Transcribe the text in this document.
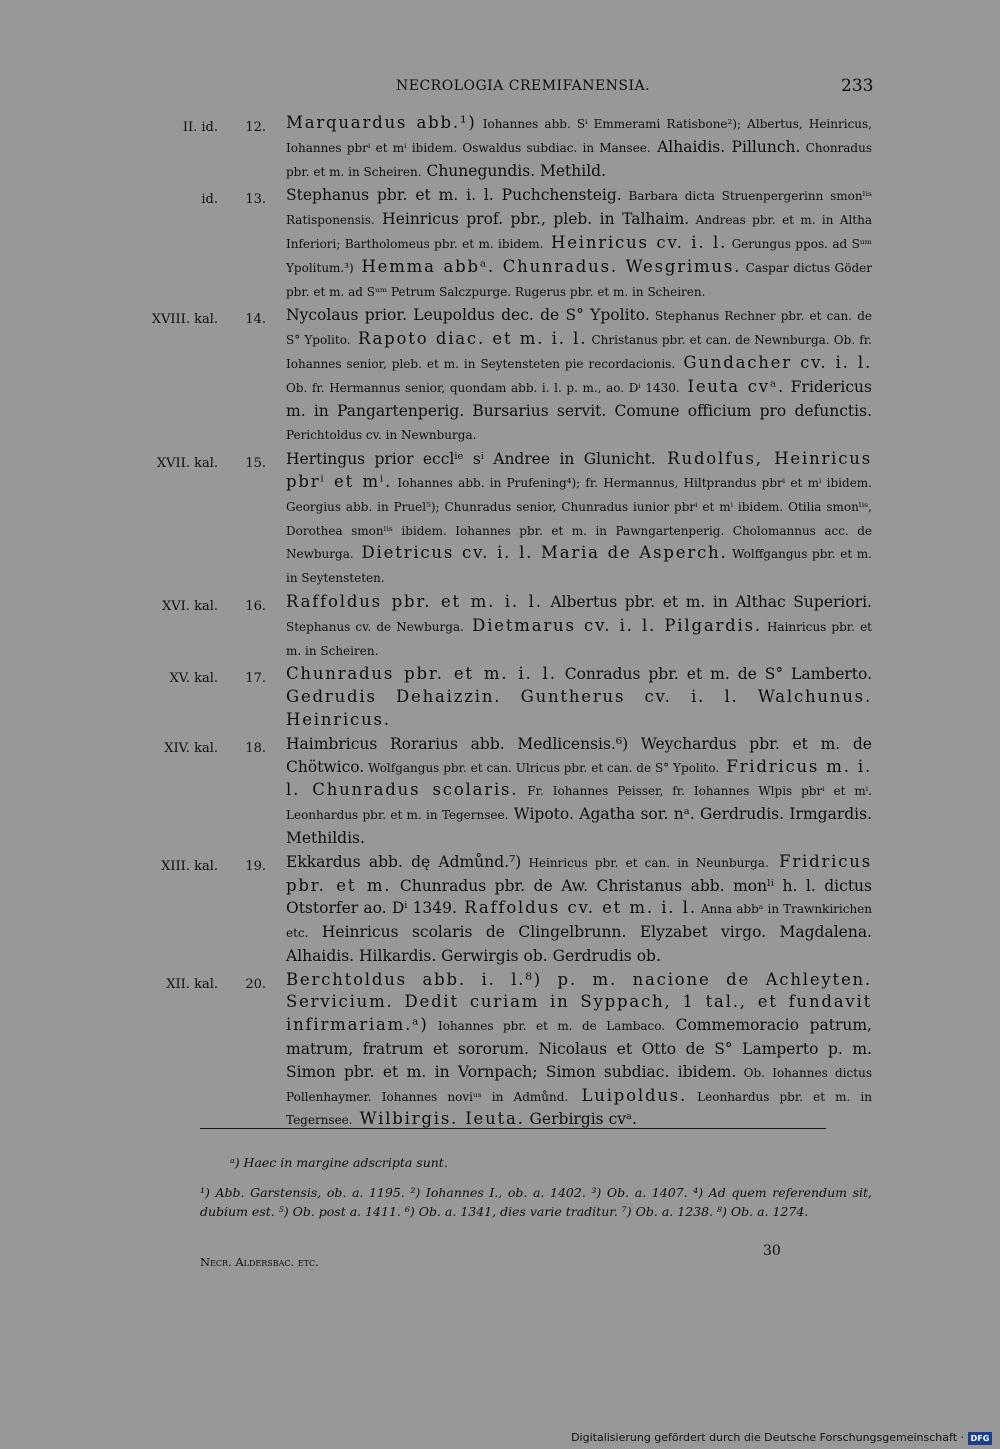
NECROLOGIA CREMIFANENSIA.	233
II. id.	12. Marquardus abb.¹) Iohannes abb. Sⁱ Emmerami Ratisbone²); Albertus, Heinricus, Iohannes pbrⁱ et mⁱ ibidem. Oswaldus subdiac. in Mansee. Alhaidis. Pillunch. Chonradus pbr. et m. in Scheiren. Chunegundis. Methild.
id.	13. Stephanus pbr. et m. i. l. Puchchensteig. Barbara dicta Struenpergerinn smonˡⁱˢ Ratisponensis. Heinricus prof. pbr., pleb. in Talhaim. Andreas pbr. et m. in Altha Inferiori; Bartholomeus pbr. et m. ibidem. Heinricus cv. i. l. Gerungus ppos. ad Sᵘᵐ Ypolitum.³) Hemma abbᵃ. Chunradus. Wesgrimus. Caspar dictus Göder pbr. et m. ad Sᵘᵐ Petrum Salczpurge. Rugerus pbr. et m. in Scheiren.
XVIII. kal.	14. Nycolaus prior. Leupoldus dec. de S° Ypolito. Stephanus Rechner pbr. et can. de S° Ypolito. Rapoto diac. et m. i. l. Christanus pbr. et can. de Newnburga. Ob. fr. Iohannes senior, pleb. et m. in Seytensteten pie recordacionis. Gundacher cv. i. l. Ob. fr. Hermannus senior, quondam abb. i. l. p. m., ao. Dⁱ 1430. Ieuta cvᵃ. Fridericus m. in Pangartenperig. Bursarius servit. Comune officium pro defunctis. Perichtoldus cv. in Newnburga.
XVII. kal.	15. Hertingus prior ecclⁱᵉ sⁱ Andree in Glunicht. Rudolfus, Heinricus pbrⁱ et mⁱ. Iohannes abb. in Prufening⁴); fr. Hermannus, Hiltprandus pbrⁱ et mⁱ ibidem. Georgius abb. in Pruel⁵); Chunradus senior, Chunradus iunior pbrⁱ et mⁱ ibidem. Otilia smonˡⁱˢ, Dorothea smonˡⁱˢ ibidem. Iohannes pbr. et m. in Pawngartenperig. Cholomannus acc. de Newburga. Dietricus cv. i. l. Maria de Asperch. Wolffgangus pbr. et m. in Seytensteten.
XVI. kal.	16. Raffoldus pbr. et m. i. l. Albertus pbr. et m. in Althac Superiori. Stephanus cv. de Newburga. Dietmarus cv. i. l. Pilgardis. Hainricus pbr. et m. in Scheiren.
XV. kal.	17. Chunradus pbr. et m. i. l. Conradus pbr. et m. de S° Lamberto. Gedrudis Dehaizzin. Guntherus cv. i. l. Walchunus. Heinricus.
XIV. kal.	18. Haimbricus Rorarius abb. Medlicensis.⁶) Weychardus pbr. et m. de Chötwico. Wolfgangus pbr. et can. Ulricus pbr. et can. de S° Ypolito. Fridricus m. i. l. Chunradus scolaris. Fr. Iohannes Peisser, fr. Iohannes Wlpis pbrⁱ et mⁱ. Leonhardus pbr. et m. in Tegernsee. Wipoto. Agatha sor. nᵃ. Gerdrudis. Irmgardis. Methildis.
XIII. kal.	19. Ekkardus abb. dę Admůnd.⁷) Heinricus pbr. et can. in Neunburga. Fridricus pbr. et m. Chunradus pbr. de Aw. Christanus abb. monˡⁱ h. l. dictus Otstorfer ao. Dⁱ 1349. Raffoldus cv. et m. i. l. Anna abbᵃ in Trawnkirichen etc. Heinricus scolaris de Clingelbrunn. Elyzabet virgo. Magdalena. Alhaidis. Hilkardis. Gerwirgis ob. Gerdrudis ob.
XII. kal.	20. Berchtoldus abb. i. l.⁸) p. m. nacione de Achleyten. Servicium. Dedit curiam in Syppach, 1 tal., et fundavit infirmariam.ᵃ) Iohannes pbr. et m. de Lambaco. Commemoracio patrum, matrum, fratrum et sororum. Nicolaus et Otto de S° Lamperto p. m. Simon pbr. et m. in Vornpach; Simon subdiac. ibidem. Ob. Iohannes dictus Pollenhaymer. Iohannes noviᵘˢ in Admůnd. Luipoldus. Leonhardus pbr. et m. in Tegernsee. Wilbirgis. Ieuta. Gerbirgis cvᵃ.
ᵃ) Haec in margine adscripta sunt.
¹) Abb. Garstensis, ob. a. 1195. ²) Iohannes I., ob. a. 1402. ³) Ob. a. 1407. ⁴) Ad quem referendum sit, dubium est. ⁵) Ob. post a. 1411. ⁶) Ob. a. 1341, dies varie traditur. ⁷) Ob. a. 1238. ⁸) Ob. a. 1274.
Necr. Aldersbac. etc.
30
Digitalisierung gefördert durch die Deutsche Forschungsgemeinschaft · DFG
